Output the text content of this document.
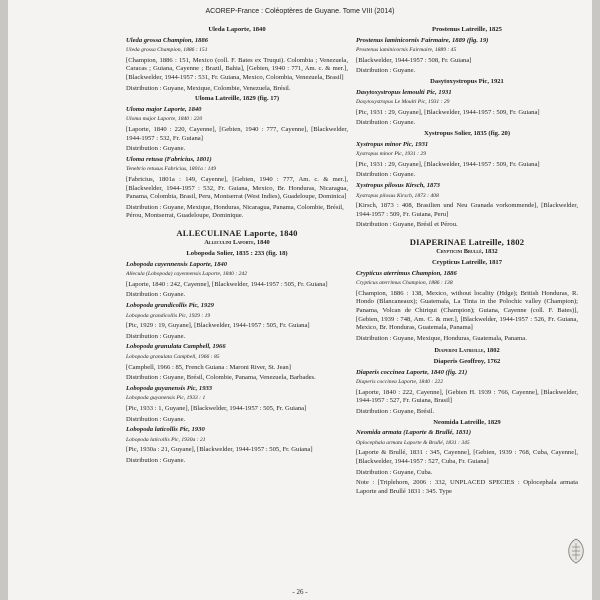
ACOREP-France : Coléoptères de Guyane. Tome VIII (2014)
Uleda Laporte, 1840
Uleda grossa Champion, 1886
Uleda grossa Champion, 1886 : 151
[Champion, 1886 : 151, Mexico (coll. F. Bates ex Truqui). Colombia ; Venezuela, Caracas ; Guiana, Cayenne ; Brazil, Bahia], [Gebien, 1940 : 771, Am. c. & mer.], [Blackwelder, 1944-1957 : 531, Fr. Guiana, Mexico, Colombia, Venezuela, Brasil]
Distribution : Guyane, Mexique, Colombie, Venezuela, Brésil.
Uloma Latreille, 1829 (fig. 17)
Uloma major Laporte, 1840
Uloma major Laporte, 1840 : 220
[Laporte, 1840 : 220, Cayenne], [Gebien, 1940 : 777, Cayenne], [Blackwelder, 1944-1957 : 532, Fr. Guiana]
Distribution : Guyane.
Uloma retusa (Fabricius, 1801)
Tenebrio retusus Fabricius, 1801a : 149
[Fabricius, 1801a : 149, Cayenne], [Gebien, 1940 : 777, Am. c. & mer.], [Blackwelder, 1944-1957 : 532, Fr. Guiana, Mexico, Br. Honduras, Nicaragua, Panama, Colombia, Brasil, Peru, Montserrat (West Indies), Guadeloupe, Dominica]
Distribution : Guyane, Mexique, Honduras, Nicaragua, Panama, Colombie, Brésil, Pérou, Montserrat, Guadeloupe, Dominique.
ALLECULINAE Laporte, 1840
Alleculini Laporte, 1840
Lobopoda Solier, 1835 : 233 (fig. 18)
Lobopoda cayennensis Laporte, 1840
Allecula (Lobopoda) cayennensis Laporte, 1840 : 242
[Laporte, 1840 : 242, Cayenne], [Blackwelder, 1944-1957 : 505, Fr. Guiana]
Distribution : Guyane.
Lobopoda grandicollis Pic, 1929
Lobopoda grandicollis Pic, 1929 : 19
[Pic, 1929 : 19, Guyane], [Blackwelder, 1944-1957 : 505, Fr. Guiana]
Distribution : Guyane.
Lobopoda granulata Campbell, 1966
Lobopoda granulata Campbell, 1966 : 85
[Campbell, 1966 : 85, French Guiana : Maroni River, St. Jean]
Distribution : Guyane, Brésil, Colombie, Panama, Venezuela, Barbades.
Lobopoda guyanensis Pic, 1933
Lobopoda guyanensis Pic, 1933 : 1
[Pic, 1933 : 1, Guyane], [Blackwelder, 1944-1957 : 505, Fr. Guiana]
Distribution : Guyane.
Lobopoda laticollis Pic, 1930
Lobopoda laticollis Pic, 1930a : 21
[Pic, 1930a : 21, Guyane], [Blackwelder, 1944-1957 : 505, Fr. Guiana]
Distribution : Guyane.
Prostenus Latreille, 1825
Prostenus laminicornis Fairmaire, 1889 (fig. 19)
Prostenus laminicornis Fairmaire, 1889 : 45
[Blackwelder, 1944-1957 : 508, Fr. Guiana]
Distribution : Guyane.
Dasytoxystropus Pic, 1921
Dasytoxystropus lemoulti Pic, 1931
Dasytoxystropus Le Moulti Pic, 1931 : 29
[Pic, 1931 : 29, Guyane], [Blackwelder, 1944-1957 : 509, Fr. Guiana]
Distribution : Guyane.
Xystropus Solier, 1835 (fig. 20)
Xystropus minor Pic, 1931
Xystropus minor Pic, 1931 : 29
[Pic, 1931 : 29, Guyane], [Blackwelder, 1944-1957 : 509, Fr. Guiana]
Distribution : Guyane.
Xystropus pilosus Kirsch, 1873
Xystropus pilosus Kirsch, 1873 : 408
[Kirsch, 1873 : 408, Brasilien und Neu Granada vorkommende], [Blackwelder, 1944-1957 : 509, Fr. Guiana, Peru]
Distribution : Guyane, Brésil et Pérou.
DIAPERINAE Latreille, 1802
Crypticini Brullé, 1832
Crypticus Latreille, 1817
Crypticus aterrimus Champion, 1886
Crypticus aterrimus Champion, 1886 : 138
[Champion, 1886 : 138, Mexico, without locality (Hdge); British Honduras, R. Hondo (Blancaneaux); Guatemala, La Tinta in the Polochic valley (Champion); Panama, Volcan de Chiriqui (Champion); Guiana, Cayenne (coll. F. Bates)], [Gebien, 1939 : 748, Am. C. & mer.], [Blackwelder, 1944-1957 : 526, Fr. Guiana, Mexico, Br. Honduras, Guatemala, Panama]
Distribution : Guyane, Mexique, Honduras, Guatemala, Panama.
Diaperini Latreille, 1802
Diaperis Geoffroy, 1762
Diaperis coccinea Laporte, 1840 (fig. 21)
Diaperis coccinea Laporte, 1840 : 222
[Laporte, 1840 : 222, Cayenne], [Gebien H. 1939 : 766, Cayenne], [Blackwelder, 1944-1957 : 527, Fr. Guiana, Brasil]
Distribution : Guyane, Brésil.
Neomida Latreille, 1829
Neomida armata (Laporte & Brullé, 1831)
Oplocephala armata Laporte & Brullé, 1831 : 345
[Laporte & Brullé, 1831 : 345, Cayenne], [Gebien, 1939 : 768, Cuba, Cayenne], [Blackwelder, 1944-1957 : 527, Cuba, Fr. Guiana]
Distribution : Guyane, Cuba.
Note : [Triplehorn, 2006 : 332, UNPLACED SPECIES : Oplocephala armata Laporte and Brullé 1831 : 345. Type
- 26 -
